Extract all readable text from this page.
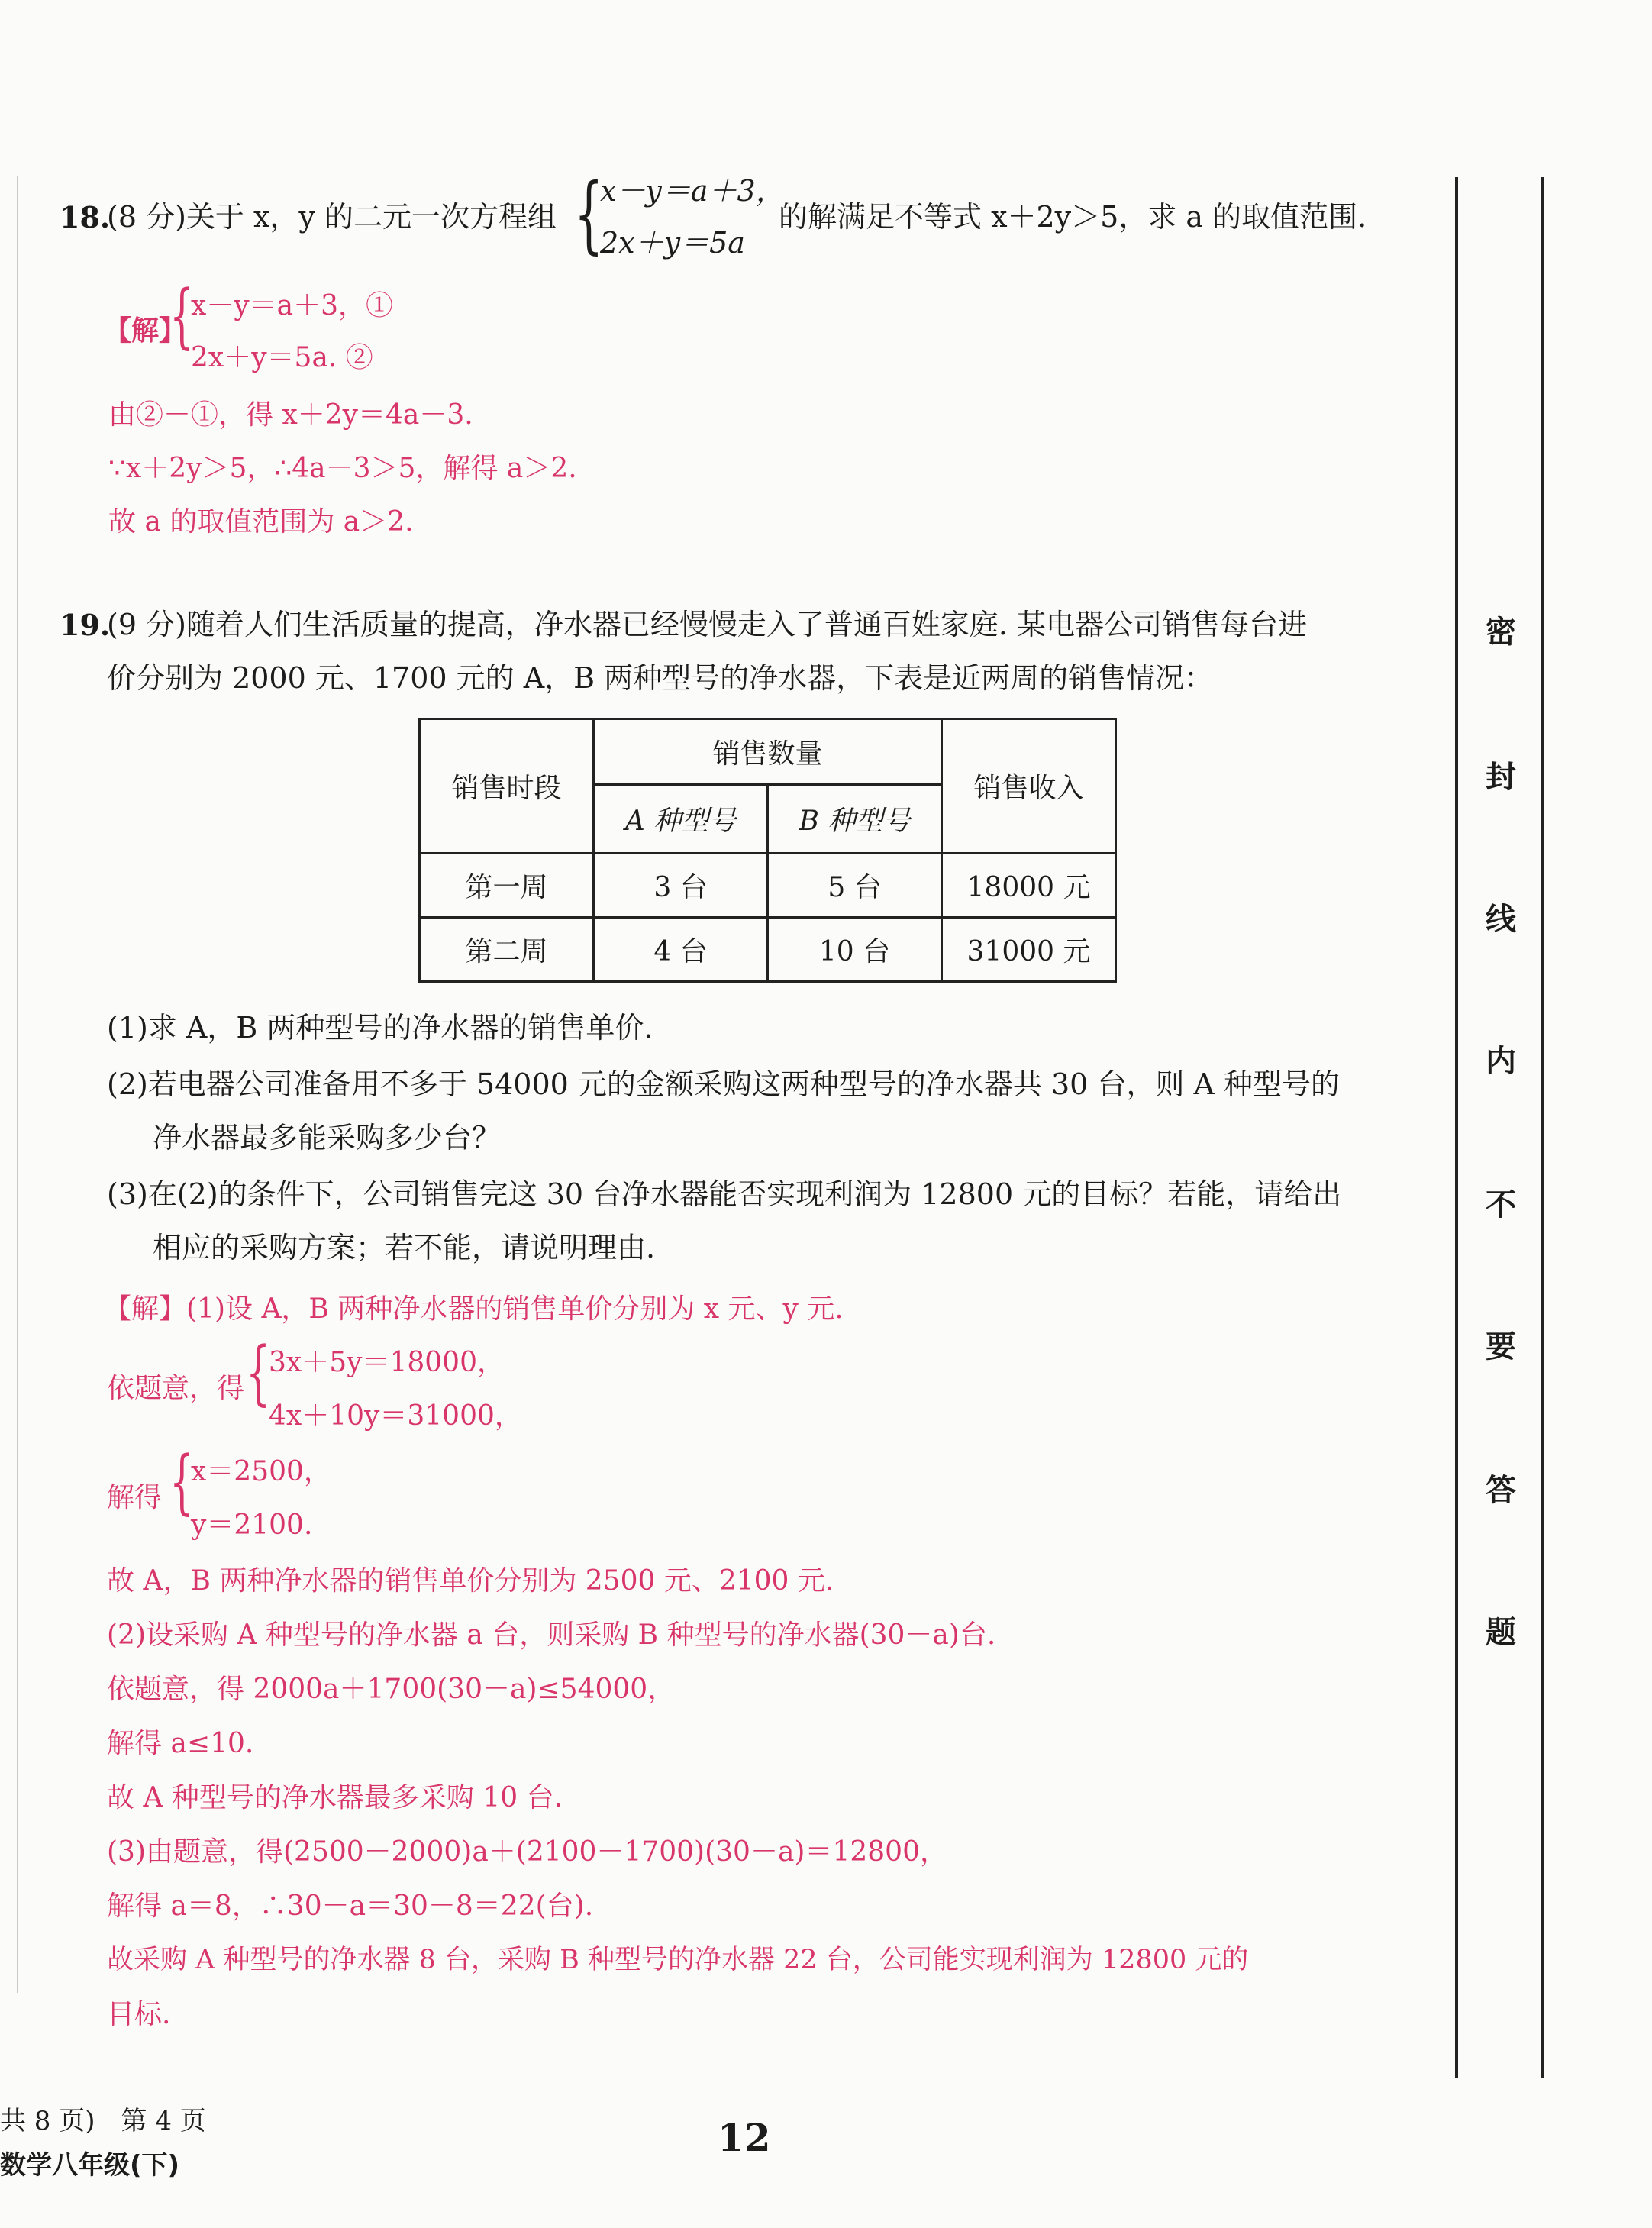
18.
(8 分)关于 x，y 的二元一次方程组 {
x－y＝a＋3，
2x＋y＝5a
的解满足不等式 x＋2y＞5，求 a 的取值范围.
【解】
{
x－y＝a＋3，①
2x＋y＝5a. ②
由②－①，得 x＋2y＝4a－3.
∵x＋2y＞5，∴4a－3＞5，解得 a＞2.
故 a 的取值范围为 a＞2.
19.
(9 分)随着人们生活质量的提高，净水器已经慢慢走入了普通百姓家庭. 某电器公司销售每台进
价分别为 2000 元、1700 元的 A，B 两种型号的净水器，下表是近两周的销售情况：
销售时段	销售数量		销售收入
	A 种型号	B 种型号	
第一周	3 台	5 台	18000 元
第二周	4 台	10 台	31000 元
(1)求 A，B 两种型号的净水器的销售单价.
(2)若电器公司准备用不多于 54000 元的金额采购这两种型号的净水器共 30 台，则 A 种型号的
净水器最多能采购多少台？
(3)在(2)的条件下，公司销售完这 30 台净水器能否实现利润为 12800 元的目标？若能，请给出
相应的采购方案；若不能，请说明理由.
【解】(1)设 A，B 两种净水器的销售单价分别为 x 元、y 元.
依题意，得 {
3x＋5y＝18000，
4x＋10y＝31000，
解得 {
x＝2500，
y＝2100.
故 A，B 两种净水器的销售单价分别为 2500 元、2100 元.
(2)设采购 A 种型号的净水器 a 台，则采购 B 种型号的净水器(30－a)台.
依题意，得 2000a＋1700(30－a)≤54000，
解得 a≤10.
故 A 种型号的净水器最多采购 10 台.
(3)由题意，得(2500－2000)a＋(2100－1700)(30－a)＝12800，
解得 a＝8，∴30－a＝30－8＝22(台).
故采购 A 种型号的净水器 8 台，采购 B 种型号的净水器 22 台，公司能实现利润为 12800 元的
目标.
密
封
线
内
不
要
答
题
共 8 页)　第 4 页
数学八年级(下)
12
